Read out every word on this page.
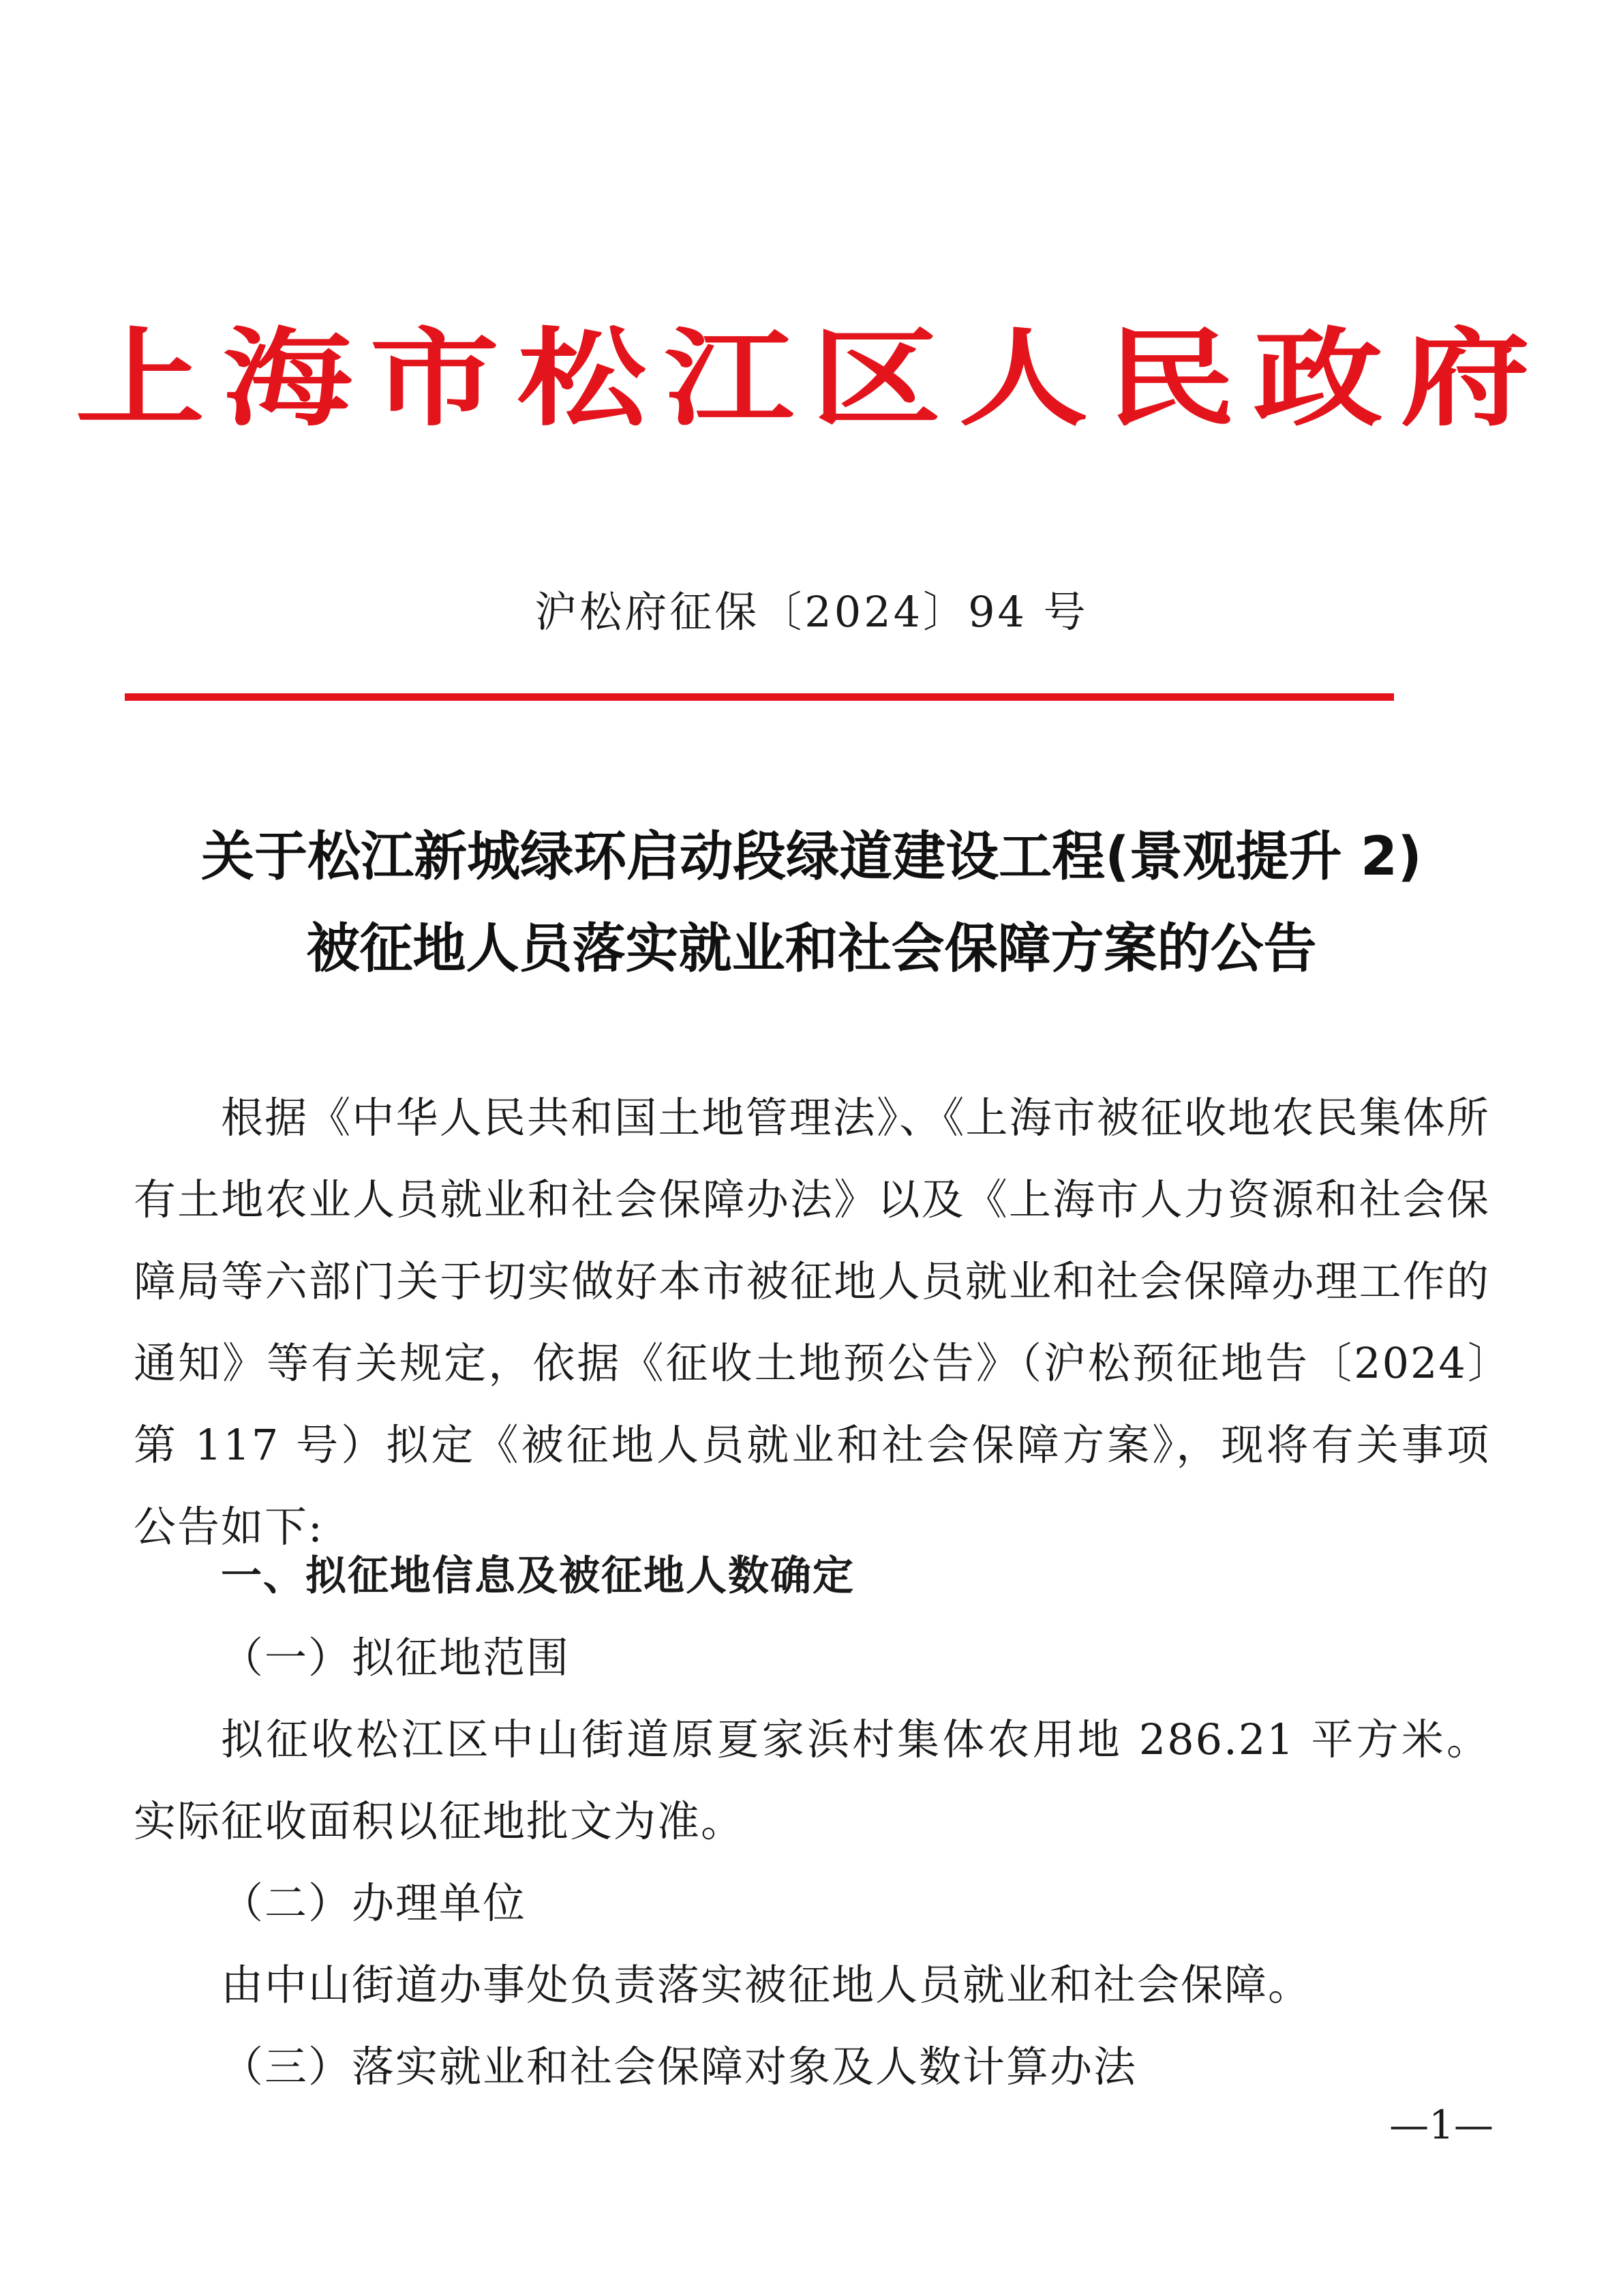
上海市松江区人民政府
沪松府征保〔2024〕94 号
关于松江新城绿环启动段绿道建设工程(景观提升 2)
被征地人员落实就业和社会保障方案的公告

根据《中华人民共和国土地管理法》、《上海市被征收地农民集体所有土地农业人员就业和社会保障办法》以及《上海市人力资源和社会保障局等六部门关于切实做好本市被征地人员就业和社会保障办理工作的通知》等有关规定，依据《征收土地预公告》（沪松预征地告〔2024〕第 117 号）拟定《被征地人员就业和社会保障方案》，现将有关事项公告如下:

一、拟征地信息及被征地人数确定
（一）拟征地范围

拟征收松江区中山街道原夏家浜村集体农用地 286.21 平方米。实际征收面积以征地批文为准。

（二）办理单位
由中山街道办事处负责落实被征地人员就业和社会保障。
（三）落实就业和社会保障对象及人数计算办法
—1—
